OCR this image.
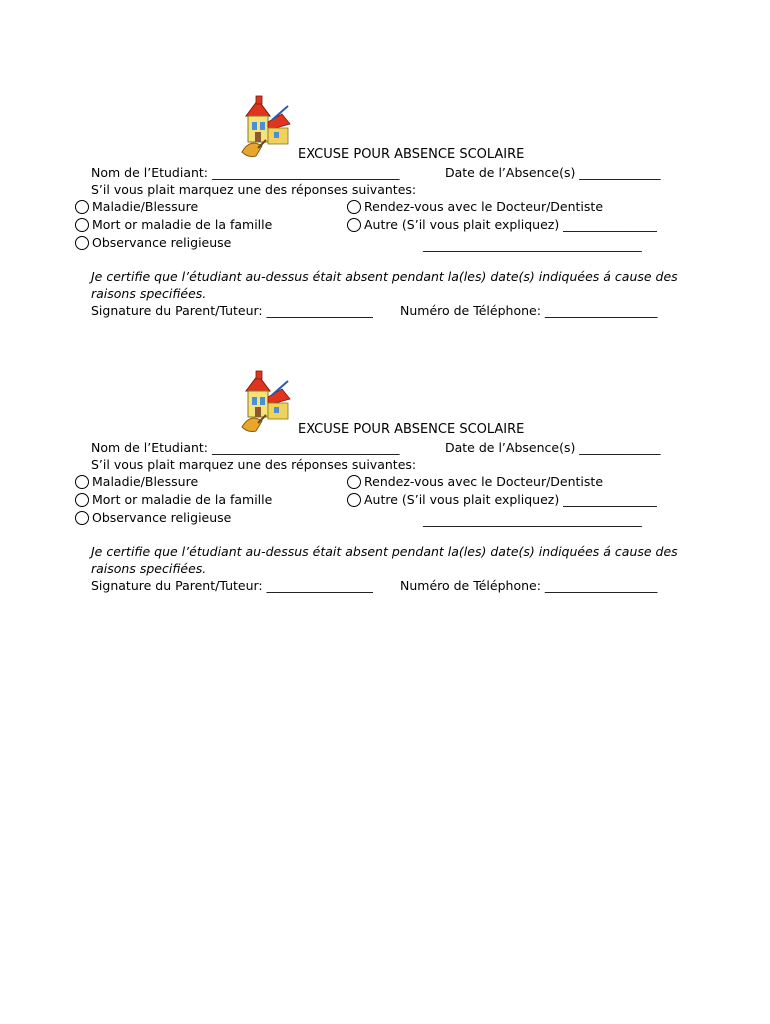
EXCUSE POUR ABSENCE SCOLAIRE
Nom de l’Etudiant: ______________________________	Date de l’Absence(s) _____________
S’il vous plait marquez une des réponses suivantes:
Maladie/Blessure	Rendez-vous avec le Docteur/Dentiste
Mort or maladie de la famille	Autre (S’il vous plait expliquez) _______________
Observance religieuse	___________________________________
Je certifie que l’étudiant au-dessus était absent pendant la(les) date(s) indiquées á cause des raisons specifiées.
Signature du Parent/Tuteur: _________________ Numéro de Téléphone: __________________
EXCUSE POUR ABSENCE SCOLAIRE
Nom de l’Etudiant: ______________________________	Date de l’Absence(s) _____________
S’il vous plait marquez une des réponses suivantes:
Maladie/Blessure	Rendez-vous avec le Docteur/Dentiste
Mort or maladie de la famille	Autre (S’il vous plait expliquez) _______________
Observance religieuse	___________________________________
Je certifie que l’étudiant au-dessus était absent pendant la(les) date(s) indiquées á cause des raisons specifiées.
Signature du Parent/Tuteur: _________________ Numéro de Téléphone: __________________
